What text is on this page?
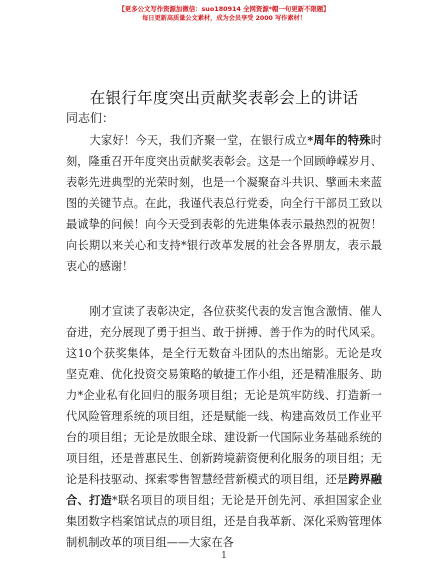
【更多公文写作资源加微信：suo180914 全网资源*帽一句更新不限题】
每日更新高质量公文素材，成为会员享受 2000 写作素材！
在银行年度突出贡献奖表彰会上的讲话
同志们：
大家好！今天，我们齐聚一堂，在银行成立*周年的特殊时刻，隆重召开年度突出贡献奖表彰会。这是一个回顾峥嵘岁月、表彰先进典型的光荣时刻，也是一个凝聚奋斗共识、擘画未来蓝图的关键节点。在此，我谨代表总行党委，向全行干部员工致以最诚挚的问候！向今天受到表彰的先进集体表示最热烈的祝贺！向长期以来关心和支持*银行改革发展的社会各界朋友，表示最衷心的感谢！
刚才宣读了表彰决定，各位获奖代表的发言饱含激情、催人奋进，充分展现了勇于担当、敢于拼搏、善于作为的时代风采。这10个获奖集体，是全行无数奋斗团队的杰出缩影。无论是攻坚克难、优化投资交易策略的敏捷工作小组，还是精准服务、助力*企业私有化回归的服务项目组；无论是筑牢防线、打造新一代风险管理系统的项目组，还是赋能一线、构建高效员工作业平台的项目组；无论是放眼全球、建设新一代国际业务基础系统的项目组，还是普惠民生、创新跨境薪资便利化服务的项目组；无论是科技驱动、探索零售智慧经营新模式的项目组，还是跨界融合、打造*联名项目的项目组；无论是开创先河、承担国家企业集团数字档案馆试点的项目组，还是自我革新、深化采购管理体制机制改革的项目组——大家在各
1
